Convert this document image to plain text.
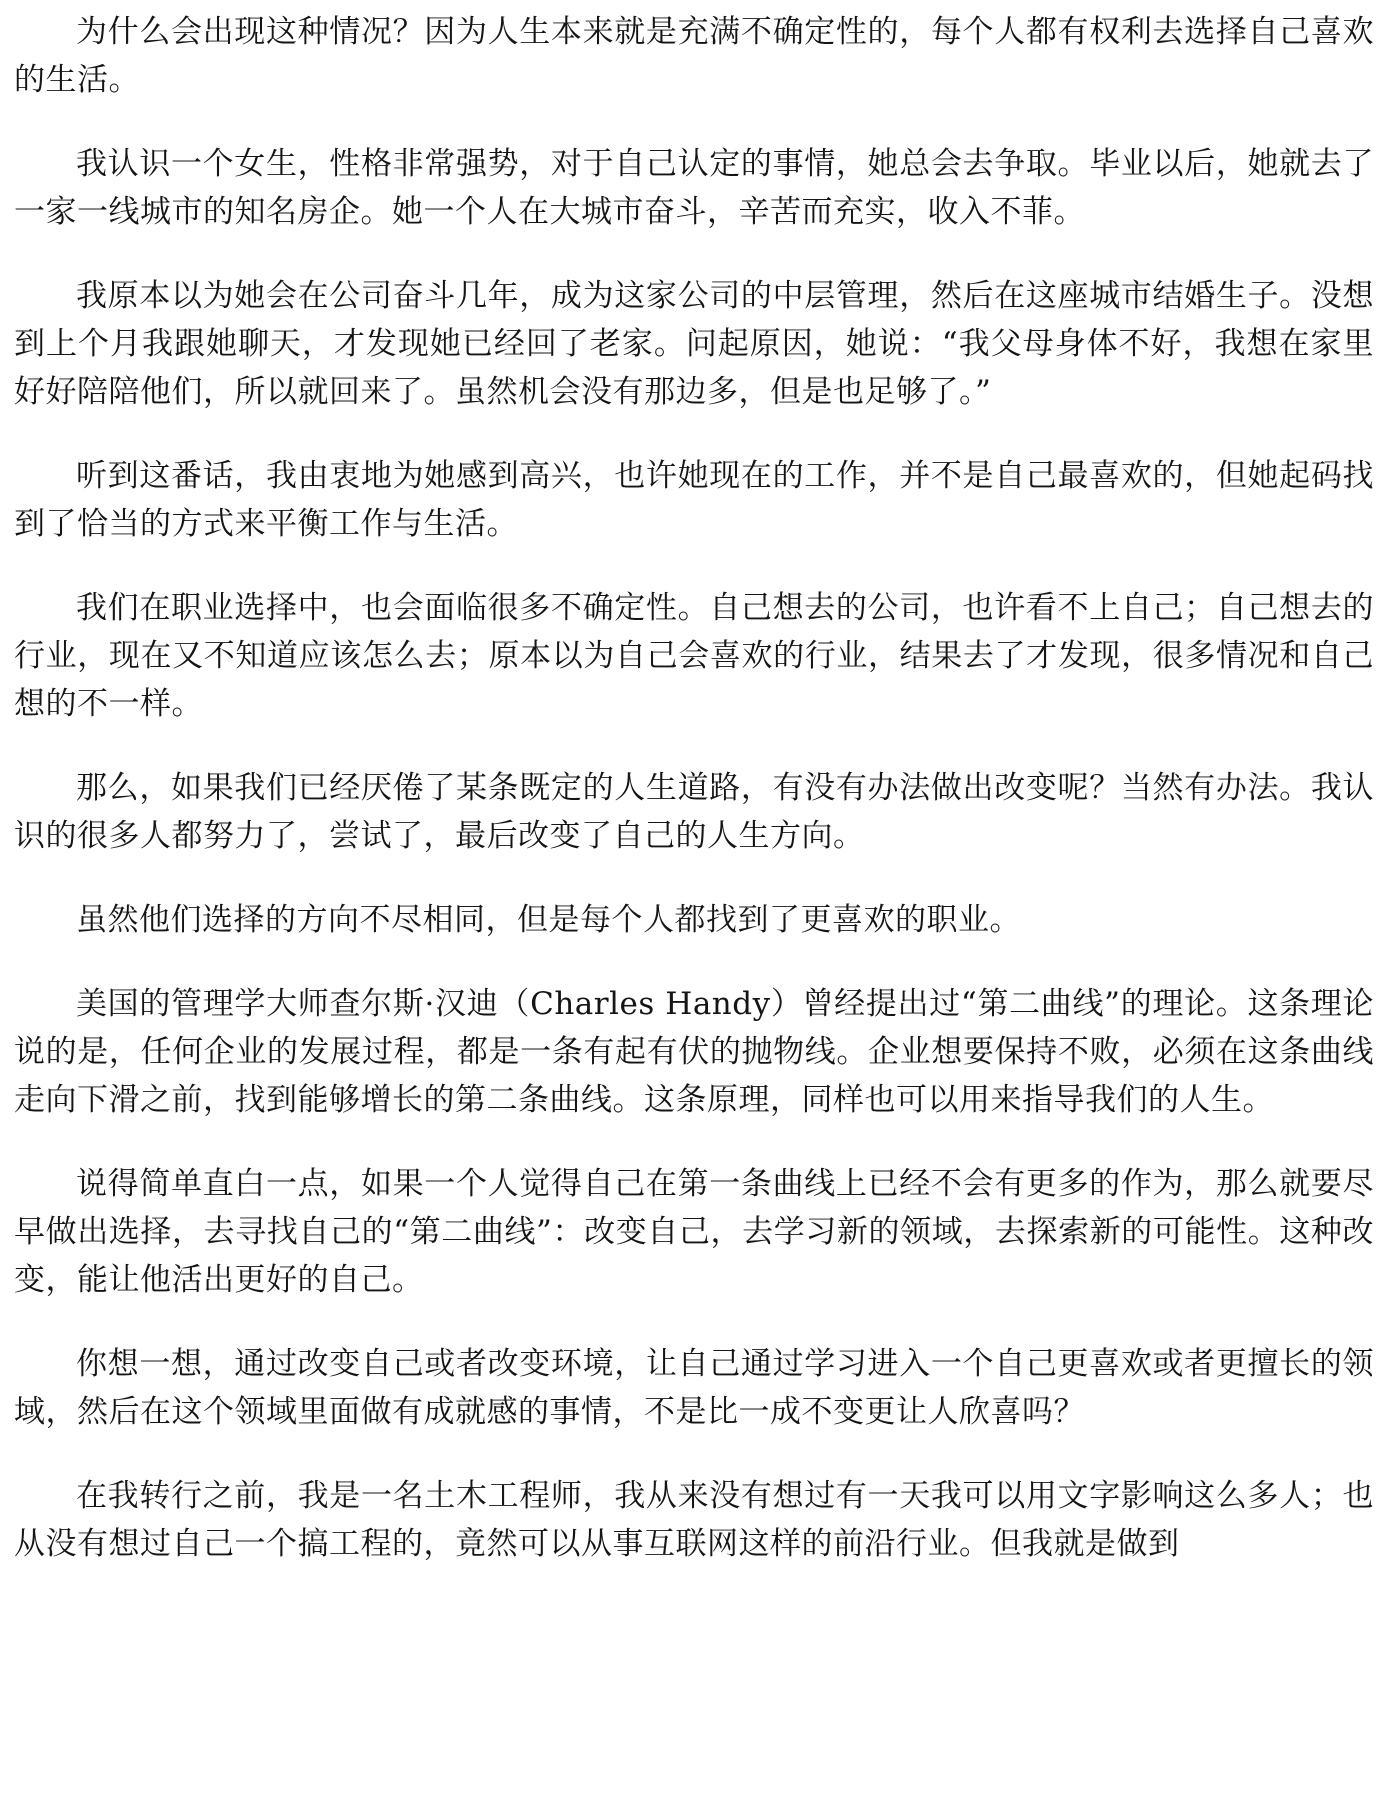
为什么会出现这种情况？因为人生本来就是充满不确定性的，每个人都有权利去选择自己喜欢的生活。

我认识一个女生，性格非常强势，对于自己认定的事情，她总会去争取。毕业以后，她就去了一家一线城市的知名房企。她一个人在大城市奋斗，辛苦而充实，收入不菲。

我原本以为她会在公司奋斗几年，成为这家公司的中层管理，然后在这座城市结婚生子。没想到上个月我跟她聊天，才发现她已经回了老家。问起原因，她说：“我父母身体不好，我想在家里好好陪陪他们，所以就回来了。虽然机会没有那边多，但是也足够了。”

听到这番话，我由衷地为她感到高兴，也许她现在的工作，并不是自己最喜欢的，但她起码找到了恰当的方式来平衡工作与生活。

我们在职业选择中，也会面临很多不确定性。自己想去的公司，也许看不上自己；自己想去的行业，现在又不知道应该怎么去；原本以为自己会喜欢的行业，结果去了才发现，很多情况和自己想的不一样。

那么，如果我们已经厌倦了某条既定的人生道路，有没有办法做出改变呢？当然有办法。我认识的很多人都努力了，尝试了，最后改变了自己的人生方向。

虽然他们选择的方向不尽相同，但是每个人都找到了更喜欢的职业。

美国的管理学大师查尔斯·汉迪（Charles Handy）曾经提出过“第二曲线”的理论。这条理论说的是，任何企业的发展过程，都是一条有起有伏的抛物线。企业想要保持不败，必须在这条曲线走向下滑之前，找到能够增长的第二条曲线。这条原理，同样也可以用来指导我们的人生。

说得简单直白一点，如果一个人觉得自己在第一条曲线上已经不会有更多的作为，那么就要尽早做出选择，去寻找自己的“第二曲线”：改变自己，去学习新的领域，去探索新的可能性。这种改变，能让他活出更好的自己。

你想一想，通过改变自己或者改变环境，让自己通过学习进入一个自己更喜欢或者更擅长的领域，然后在这个领域里面做有成就感的事情，不是比一成不变更让人欣喜吗？

在我转行之前，我是一名土木工程师，我从来没有想过有一天我可以用文字影响这么多人；也从没有想过自己一个搞工程的，竟然可以从事互联网这样的前沿行业。但我就是做到
